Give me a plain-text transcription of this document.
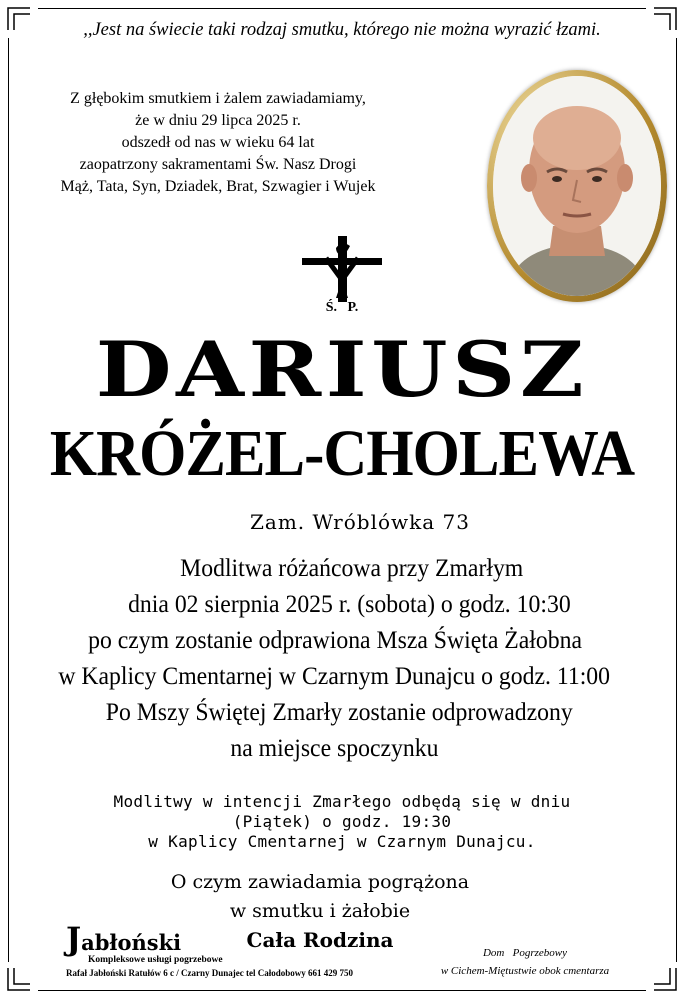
,,Jest na świecie taki rodzaj smutku, którego nie można wyrazić łzami.
Z głębokim smutkiem i żalem zawiadamiamy,
że w dniu 29 lipca 2025 r.
odszedł od nas w wieku 64 lat
zaopatrzony sakramentami Św. Nasz Drogi
Mąż, Tata, Syn, Dziadek, Brat, Szwagier i Wujek
Ś.   P.
DARIUSZ
KRÓŻEL-CHOLEWA
Zam. Wróblówka 73
Modlitwa różańcowa przy Zmarłym
dnia 02 sierpnia 2025 r. (sobota) o godz. 10:30
po czym zostanie odprawiona Msza Święta Żałobna
w Kaplicy Cmentarnej w Czarnym Dunajcu o godz. 11:00
Po Mszy Świętej Zmarły zostanie odprowadzony
na miejsce spoczynku
Modlitwy w intencji Zmarłego odbędą się w dniu
(Piątek) o godz. 19:30
w Kaplicy Cmentarnej w Czarnym Dunajcu.
O czym zawiadamia pogrążona
w smutku i żałobie
Cała Rodzina
Jabłoński
Kompleksowe usługi pogrzebowe
Rafał Jabłoński Ratułów 6 c / Czarny Dunajec tel Całodobowy 661 429 750
Dom   Pogrzebowy
w Cichem-Miętustwie obok cmentarza
